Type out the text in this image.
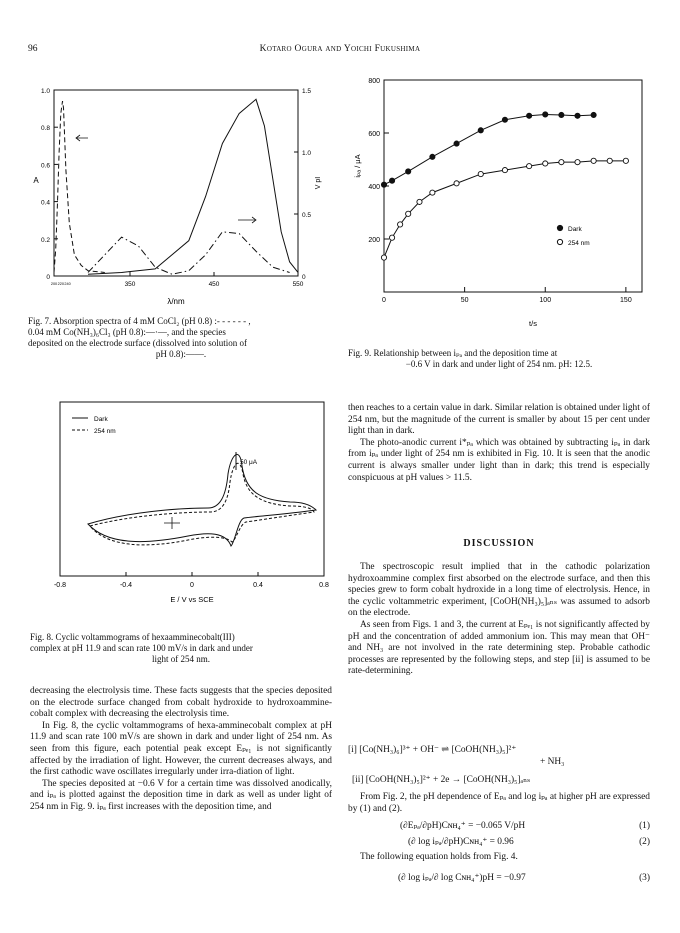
96	Kotaro Ogura and Yoichi Fukushima
0
0.2
0.4
0.6
0.8
1.0
0
0.5
1.0
1.5
350	450	550
200 220 240
λ/nm
A	V pI
Fig. 7. Absorption spectra of 4 mM CoCl₂ (pH 0.8) :- - - - - - ,
0.04 mM Co(NH₃)₆Cl₃ (pH 0.8):—·—, and the species
deposited on the electrode surface (dissolved into solution of
pH 0.8):——.
0	50	100	150
200
400
600
800
t/s
iₚₐ / μA
Dark
254 nm
Fig. 9. Relationship between iₚₐ and the deposition time at
−0.6 V in dark and under light of 254 nm. pH: 12.5.
-0.8	-0.4	0	0.4	0.8
E / V vs SCE
50 μA
Dark
254 nm
Fig. 8. Cyclic voltammograms of hexaamminecobalt(III)
complex at pH 11.9 and scan rate 100 mV/s in dark and under
light of 254 nm.

decreasing the electrolysis time. These facts suggests that the species deposited on the electrode surface changed from cobalt hydroxide to hydroxoammine-cobalt complex with decreasing the electrolysis time.

In Fig. 8, the cyclic voltammograms of hexa-amminecobalt complex at pH 11.9 and scan rate 100 mV/s are shown in dark and under light of 254 nm. As seen from this figure, each potential peak except Eₚₑ₁ is not significantly affected by the irradiation of light. However, the current decreases always, and the first cathodic wave oscillates irregularly under irra-diation of light.

The species deposited at −0.6 V for a certain time was dissolved anodically, and iₚₐ is plotted against the deposition time in dark as well as under light of 254 nm in Fig. 9. iₚₐ first increases with the deposition time, and

then reaches to a certain value in dark. Similar relation is obtained under light of 254 nm, but the magnitude of the current is smaller by about 15 per cent under light than in dark.

The photo-anodic current i*ₚₐ which was obtained by subtracting iₚₐ in dark from iₚₐ under light of 254 nm is exhibited in Fig. 10. It is seen that the anodic current is always smaller under light than in dark; this trend is especially conspicuous at pH values > 11.5.

DISCUSSION

The spectroscopic result implied that in the cathodic polarization hydroxoammine complex first absorbed on the electrode surface, and then this species grew to form cobalt hydroxide in a long time of electrolysis. Hence, in the cyclic voltammetric experiment, [CoOH(NH₃)₅]ₐₙₛ was assumed to adsorb on the electrode.

As seen from Figs. 1 and 3, the current at Eₚₑ₁ is not significantly affected by pH and the concentration of added ammonium ion. This may mean that OH⁻ and NH₃ are not involved in the rate determining step. Probable cathodic processes are represented by the following steps, and step [ii] is assumed to be rate-determining.

[i] [Co(NH₃)₆]³⁺ + OH⁻ ⇌ [CoOH(NH₃)₅]²⁺
+ NH₃
[ii] [CoOH(NH₃)₅]²⁺ + 2e → [CoOH(NH₃)₅]ₐₙₛ

From Fig. 2, the pH dependence of Eₚₐ and log iₚₐ at higher pH are expressed by (1) and (2).

(∂Eₚₐ/∂pH)Cɴʜ₄⁺ = −0.065 V/pH	(1)
(∂ log iₚₐ/∂pH)Cɴʜ₄⁺ = 0.96	(2)

The following equation holds from Fig. 4.

(∂ log iₚₐ/∂ log Cɴʜ₄⁺)pH = −0.97	(3)
